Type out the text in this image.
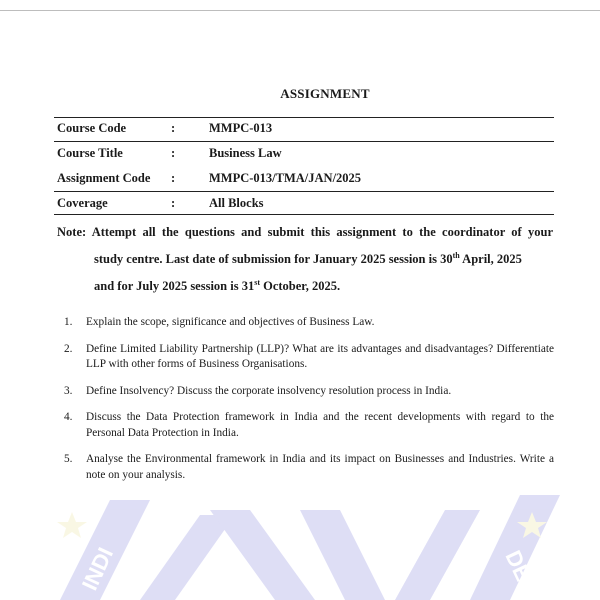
INDI	DER
ASSIGNMENT
Course Code	:	MMPC-013
Course Title	:	Business Law
Assignment Code :	MMPC-013/TMA/JAN/2025
Coverage	:	All Blocks
Note: Attempt all the questions and submit this assignment to the coordinator of your
study centre. Last date of submission for January 2025 session is 30th April, 2025
and for July 2025 session is 31st October, 2025.
1. Explain the scope, significance and objectives of Business Law.
2. Define Limited Liability Partnership (LLP)? What are its advantages and disadvantages? Differentiate LLP with other forms of Business Organisations.
3. Define Insolvency? Discuss the corporate insolvency resolution process in India.
4. Discuss the Data Protection framework in India and the recent developments with regard to the Personal Data Protection in India.
5. Analyse the Environmental framework in India and its impact on Businesses and Industries. Write a note on your analysis.
